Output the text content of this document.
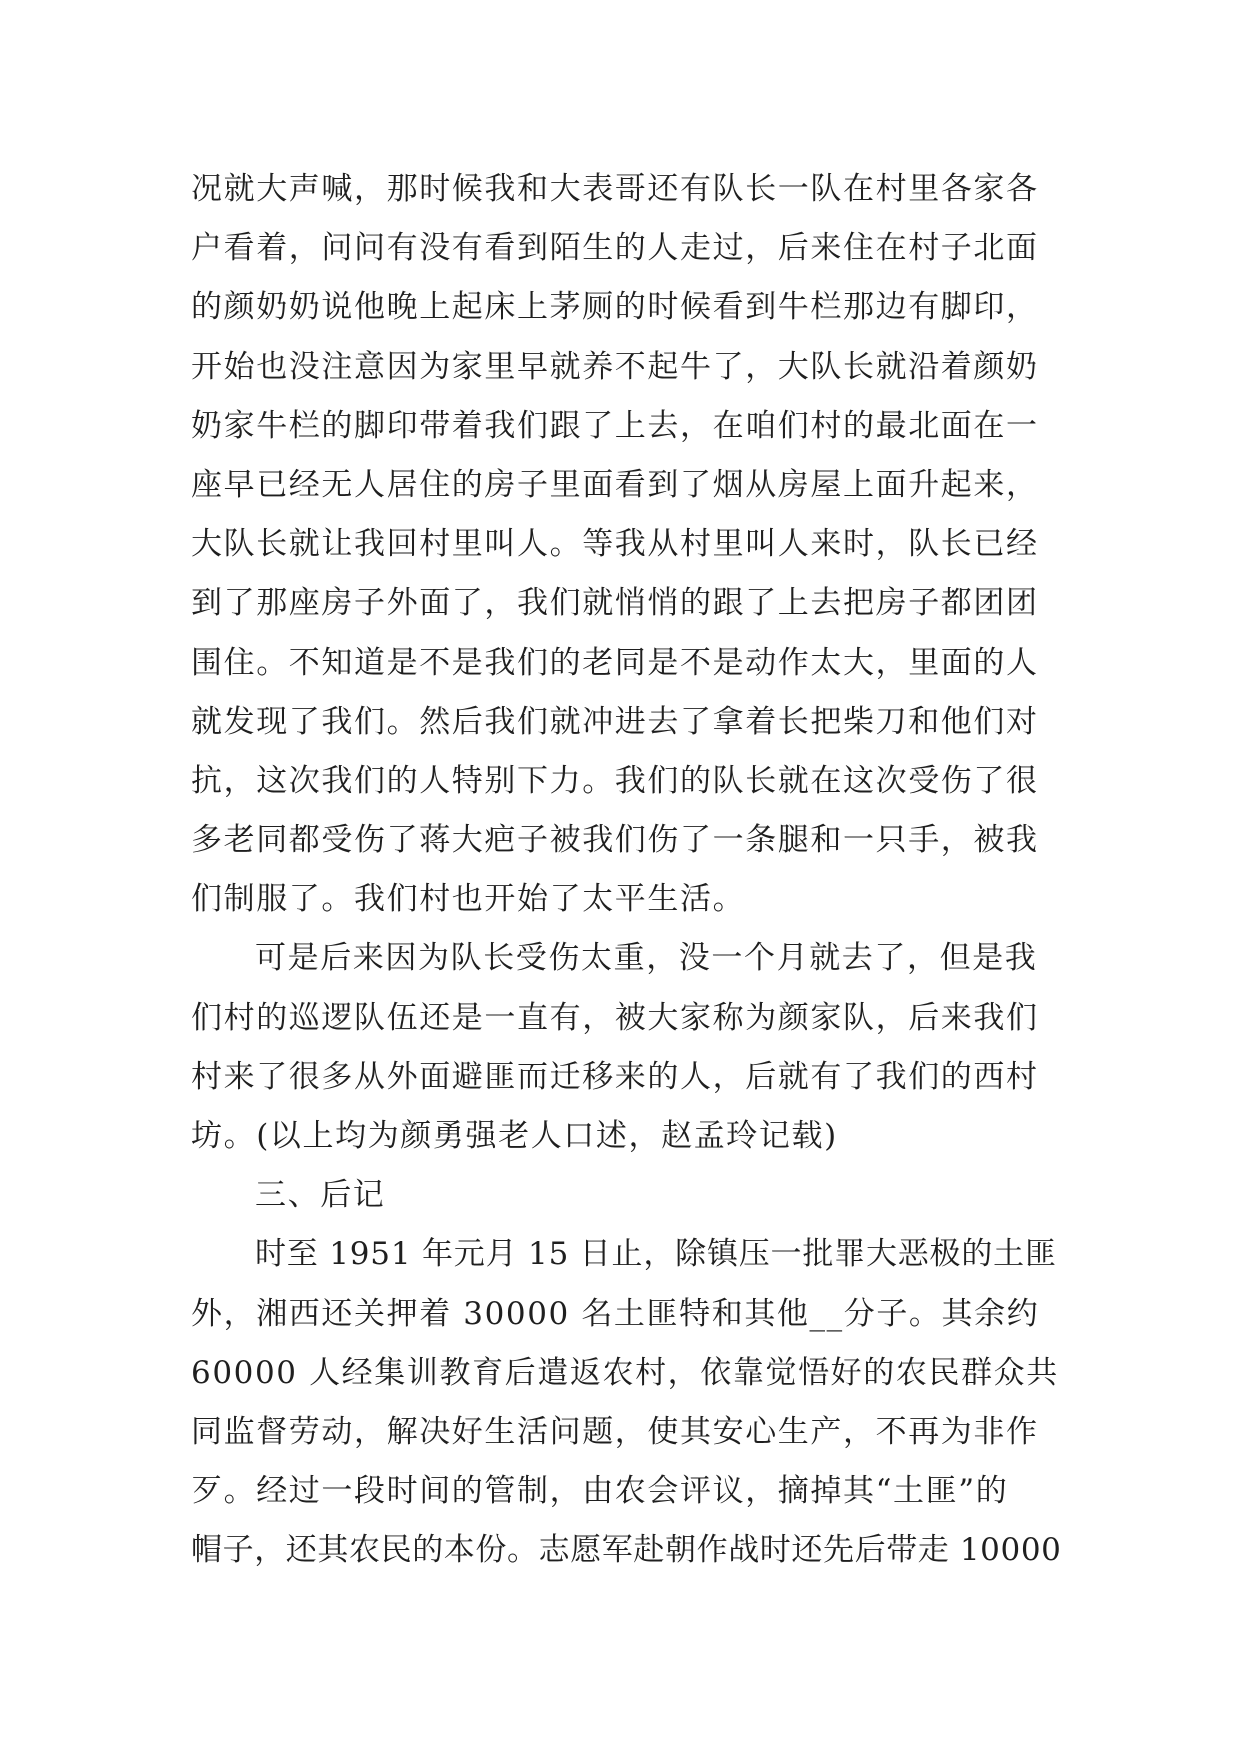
况就大声喊，那时候我和大表哥还有队长一队在村里各家各
户看着，问问有没有看到陌生的人走过，后来住在村子北面
的颜奶奶说他晚上起床上茅厕的时候看到牛栏那边有脚印，
开始也没注意因为家里早就养不起牛了，大队长就沿着颜奶
奶家牛栏的脚印带着我们跟了上去，在咱们村的最北面在一
座早已经无人居住的房子里面看到了烟从房屋上面升起来，
大队长就让我回村里叫人。等我从村里叫人来时，队长已经
到了那座房子外面了，我们就悄悄的跟了上去把房子都团团
围住。不知道是不是我们的老同是不是动作太大，里面的人
就发现了我们。然后我们就冲进去了拿着长把柴刀和他们对
抗，这次我们的人特别下力。我们的队长就在这次受伤了很
多老同都受伤了蒋大疤子被我们伤了一条腿和一只手，被我
们制服了。我们村也开始了太平生活。
可是后来因为队长受伤太重，没一个月就去了，但是我
们村的巡逻队伍还是一直有，被大家称为颜家队，后来我们
村来了很多从外面避匪而迁移来的人，后就有了我们的西村
坊。(以上均为颜勇强老人口述，赵孟玲记载)
三、后记
时至 1951 年元月 15 日止，除镇压一批罪大恶极的土匪
外，湘西还关押着 30000 名土匪特和其他__分子。其余约
60000 人经集训教育后遣返农村，依靠觉悟好的农民群众共
同监督劳动，解决好生活问题，使其安心生产，不再为非作
歹。经过一段时间的管制，由农会评议，摘掉其“土匪”的
帽子，还其农民的本份。志愿军赴朝作战时还先后带走 10000
